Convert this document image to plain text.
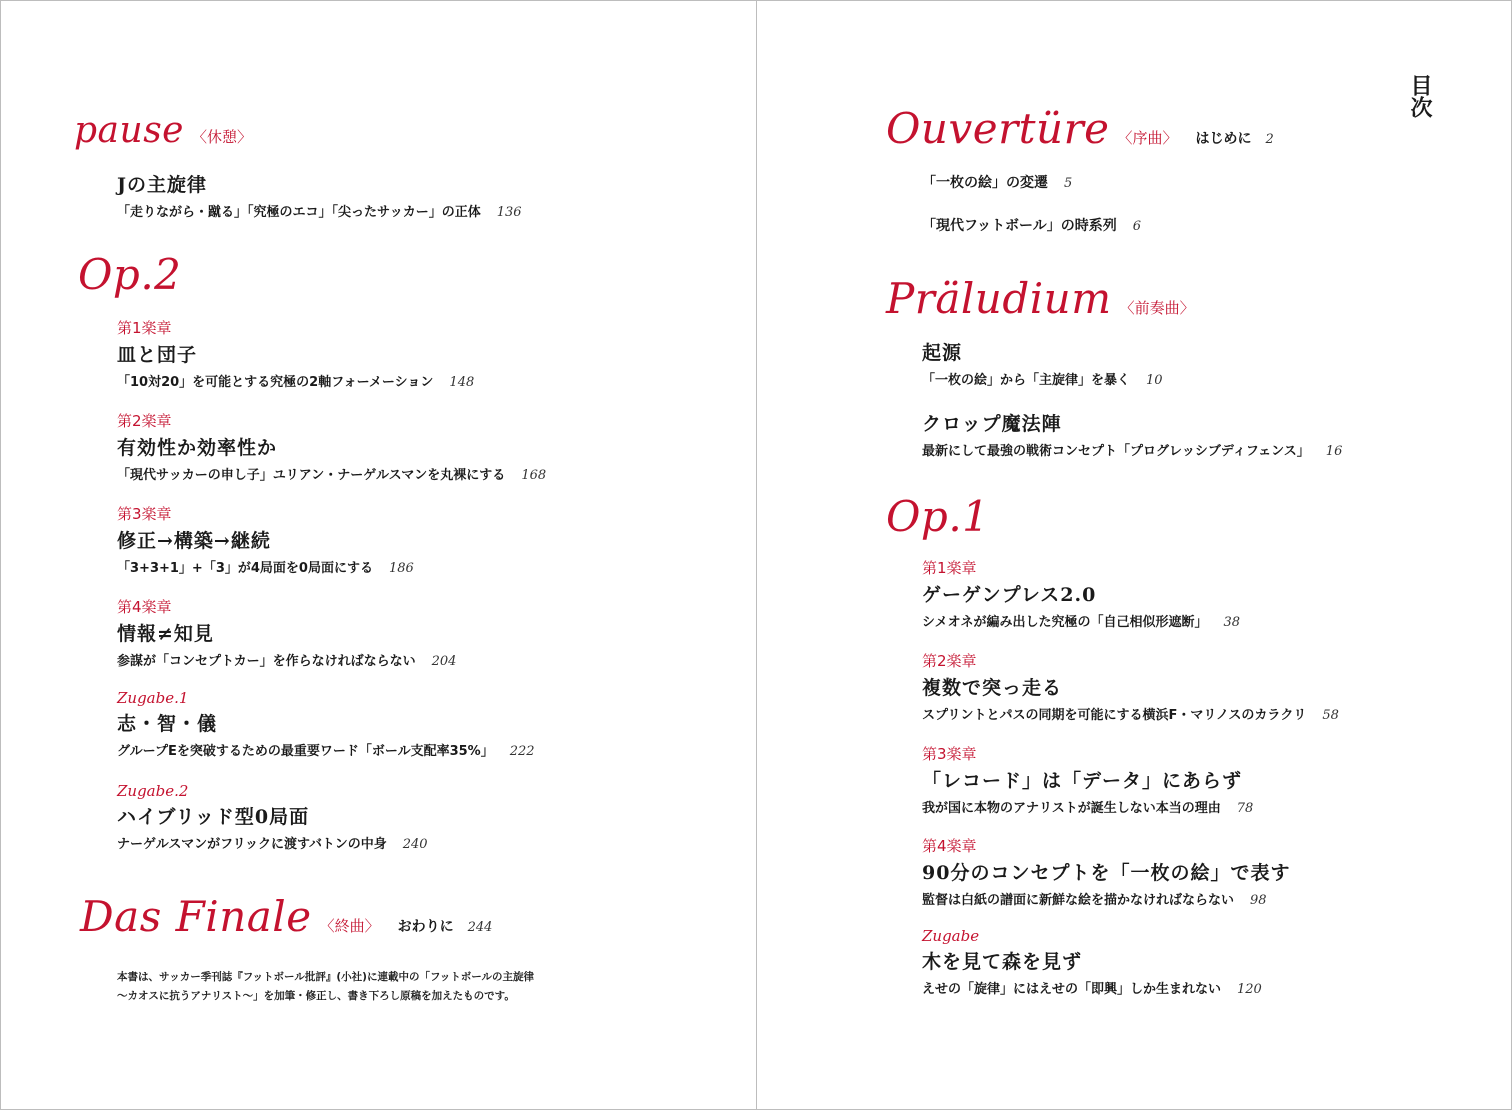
pause 〈休憩〉
Jの主旋律
「走りながら・蹴る」「究極のエコ」「尖ったサッカー」の正体 136
Op.2
第1楽章
皿と団子
「10対20」を可能とする究極の2軸フォーメーション 148
第2楽章
有効性か効率性か
「現代サッカーの申し子」ユリアン・ナーゲルスマンを丸裸にする 168
第3楽章
修正→構築→継続
「3+3+1」+「3」が4局面を0局面にする 186
第4楽章
情報≠知見
参謀が「コンセプトカー」を作らなければならない 204
Zugabe.1
志・智・儀
グループEを突破するための最重要ワード「ボール支配率35%」 222
Zugabe.2
ハイブリッド型0局面
ナーゲルスマンがフリックに渡すバトンの中身 240
Das Finale 〈終曲〉 おわりに 244
本書は、サッカー季刊誌『フットボール批評』(小社)に連載中の「フットボールの主旋律
〜カオスに抗うアナリスト〜」を加筆・修正し、書き下ろし原稿を加えたものです。
目次
Ouvertüre 〈序曲〉 はじめに 2
「一枚の絵」の変遷 5
「現代フットボール」の時系列 6
Präludium 〈前奏曲〉
起源
「一枚の絵」から「主旋律」を暴く 10
クロップ魔法陣
最新にして最強の戦術コンセプト「プログレッシブディフェンス」 16
Op.1
第1楽章
ゲーゲンプレス2.0
シメオネが編み出した究極の「自己相似形遮断」 38
第2楽章
複数で突っ走る
スプリントとパスの同期を可能にする横浜F・マリノスのカラクリ 58
第3楽章
「レコード」は「データ」にあらず
我が国に本物のアナリストが誕生しない本当の理由 78
第4楽章
90分のコンセプトを「一枚の絵」で表す
監督は白紙の譜面に新鮮な絵を描かなければならない 98
Zugabe
木を見て森を見ず
えせの「旋律」にはえせの「即興」しか生まれない 120
